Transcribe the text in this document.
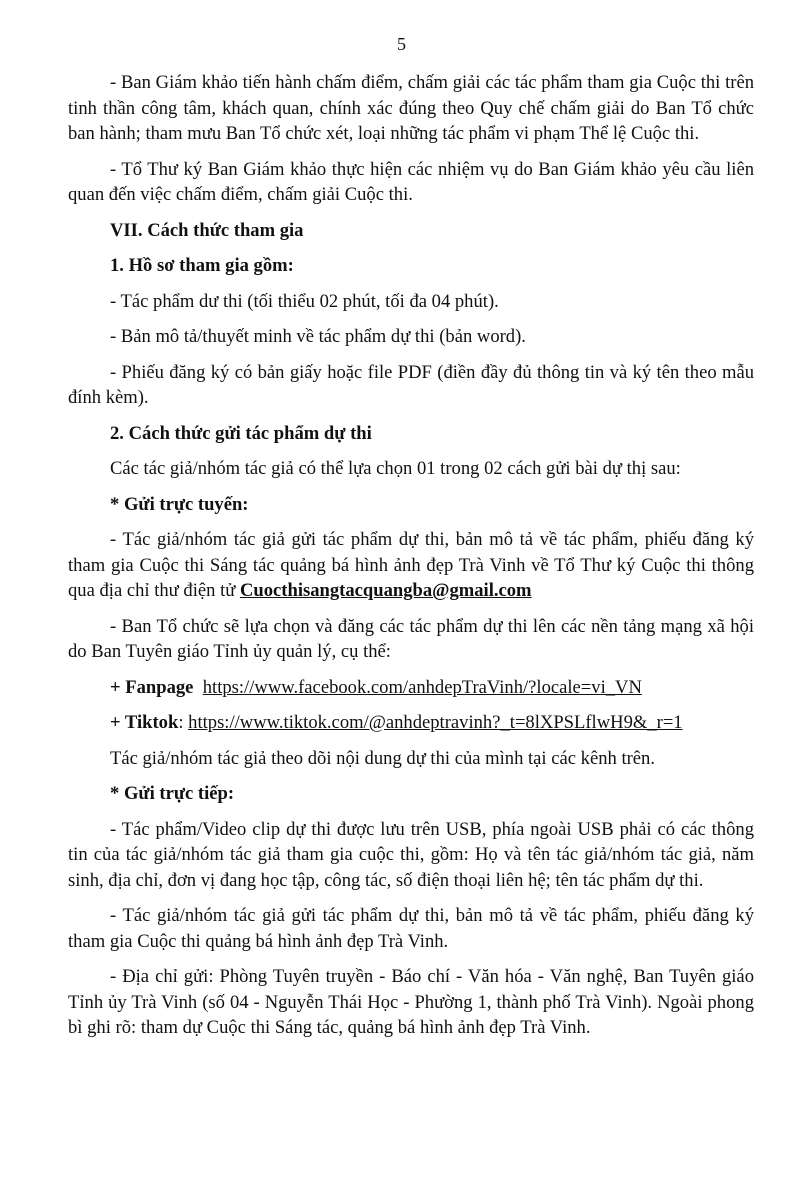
5

- Ban Giám khảo tiến hành chấm điểm, chấm giải các tác phẩm tham gia Cuộc thi trên tinh thần công tâm, khách quan, chính xác đúng theo Quy chế chấm giải do Ban Tổ chức ban hành; tham mưu Ban Tổ chức xét, loại những tác phẩm vi phạm Thể lệ Cuộc thi.

- Tổ Thư ký Ban Giám khảo thực hiện các nhiệm vụ do Ban Giám khảo yêu cầu liên quan đến việc chấm điểm, chấm giải Cuộc thi.

VII. Cách thức tham gia

1. Hồ sơ tham gia gồm:

- Tác phẩm dư thi (tối thiểu 02 phút, tối đa 04 phút).

- Bản mô tả/thuyết minh về tác phẩm dự thi (bản word).

- Phiếu đăng ký có bản giấy hoặc file PDF (điền đầy đủ thông tin và ký tên theo mẫu đính kèm).

2. Cách thức gửi tác phẩm dự thi

Các tác giả/nhóm tác giả có thể lựa chọn 01 trong 02 cách gửi bài dự thị sau:

* Gửi trực tuyến:

- Tác giả/nhóm tác giả gửi tác phẩm dự thi, bản mô tả về tác phẩm, phiếu đăng ký tham gia Cuộc thi Sáng tác quảng bá hình ảnh đẹp Trà Vinh về Tổ Thư ký Cuộc thi thông qua địa chỉ thư điện tử Cuocthisangtacquangba@gmail.com

- Ban Tổ chức sẽ lựa chọn và đăng các tác phẩm dự thi lên các nền tảng mạng xã hội do Ban Tuyên giáo Tỉnh ủy quản lý, cụ thể:

+ Fanpage https://www.facebook.com/anhdepTraVinh/?locale=vi_VN

+ Tiktok: https://www.tiktok.com/@anhdeptravinh?_t=8lXPSLflwH9&_r=1

Tác giả/nhóm tác giả theo dõi nội dung dự thi của mình tại các kênh trên.

* Gửi trực tiếp:

- Tác phẩm/Video clip dự thi được lưu trên USB, phía ngoài USB phải có các thông tin của tác giả/nhóm tác giả tham gia cuộc thi, gồm: Họ và tên tác giả/nhóm tác giả, năm sinh, địa chỉ, đơn vị đang học tập, công tác, số điện thoại liên hệ; tên tác phẩm dự thi.

- Tác giả/nhóm tác giả gửi tác phẩm dự thi, bản mô tả về tác phẩm, phiếu đăng ký tham gia Cuộc thi quảng bá hình ảnh đẹp Trà Vinh.

- Địa chỉ gửi: Phòng Tuyên truyền - Báo chí - Văn hóa - Văn nghệ, Ban Tuyên giáo Tỉnh ủy Trà Vinh (số 04 - Nguyễn Thái Học - Phường 1, thành phố Trà Vinh). Ngoài phong bì ghi rõ: tham dự Cuộc thi Sáng tác, quảng bá hình ảnh đẹp Trà Vinh.
